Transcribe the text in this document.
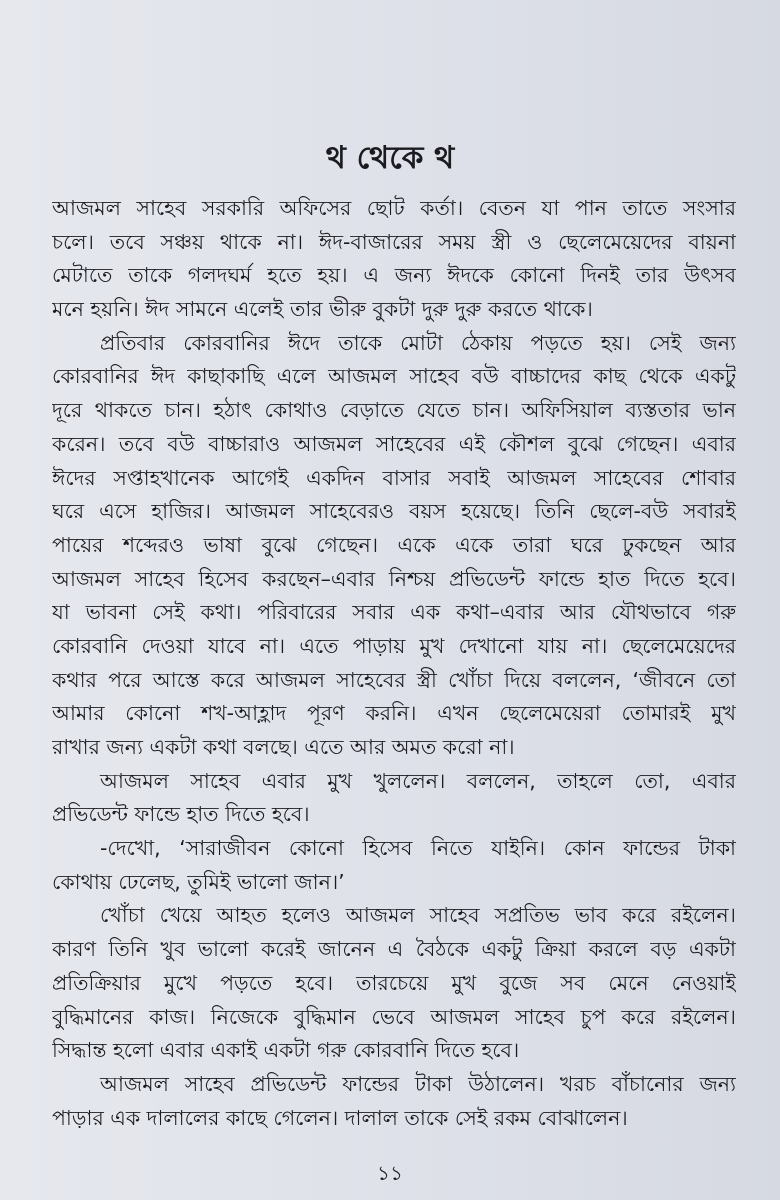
থ থেকে থ

আজমল সাহেব সরকারি অফিসের ছোট কর্তা। বেতন যা পান তাতে সংসার
চলে। তবে সঞ্চয় থাকে না। ঈদ-বাজারের সময় স্ত্রী ও ছেলেমেয়েদের বায়না
মেটাতে তাকে গলদঘর্ম হতে হয়। এ জন্য ঈদকে কোনো দিনই তার উৎসব
মনে হয়নি। ঈদ সামনে এলেই তার ভীরু বুকটা দুরু দুরু করতে থাকে।

প্রতিবার কোরবানির ঈদে তাকে মোটা ঠেকায় পড়তে হয়। সেই জন্য
কোরবানির ঈদ কাছাকাছি এলে আজমল সাহেব বউ বাচ্চাদের কাছ থেকে একটু
দূরে থাকতে চান। হঠাৎ কোথাও বেড়াতে যেতে চান। অফিসিয়াল ব্যস্ততার ভান
করেন। তবে বউ বাচ্চারাও আজমল সাহেবের এই কৌশল বুঝে গেছেন। এবার
ঈদের সপ্তাহখানেক আগেই একদিন বাসার সবাই আজমল সাহেবের শোবার
ঘরে এসে হাজির। আজমল সাহেবেরও বয়স হয়েছে। তিনি ছেলে-বউ সবারই
পায়ের শব্দেরও ভাষা বুঝে গেছেন। একে একে তারা ঘরে ঢুকছেন আর
আজমল সাহেব হিসেব করছেন–এবার নিশ্চয় প্রভিডেন্ট ফান্ডে হাত দিতে হবে।
যা ভাবনা সেই কথা। পরিবারের সবার এক কথা–এবার আর যৌথভাবে গরু
কোরবানি দেওয়া যাবে না। এতে পাড়ায় মুখ দেখানো যায় না। ছেলেমেয়েদের
কথার পরে আস্তে করে আজমল সাহেবের স্ত্রী খোঁচা দিয়ে বললেন, ‘জীবনে তো
আমার কোনো শখ-আহ্লাদ পূরণ করনি। এখন ছেলেমেয়েরা তোমারই মুখ
রাখার জন্য একটা কথা বলছে। এতে আর অমত করো না।

আজমল সাহেব এবার মুখ খুললেন। বললেন, তাহলে তো, এবার
প্রভিডেন্ট ফান্ডে হাত দিতে হবে।

-দেখো, ‘সারাজীবন কোনো হিসেব নিতে যাইনি। কোন ফান্ডের টাকা
কোথায় ঢেলেছ, তুমিই ভালো জান।’

খোঁচা খেয়ে আহত হলেও আজমল সাহেব সপ্রতিভ ভাব করে রইলেন।
কারণ তিনি খুব ভালো করেই জানেন এ বৈঠকে একটু ক্রিয়া করলে বড় একটা
প্রতিক্রিয়ার মুখে পড়তে হবে। তারচেয়ে মুখ বুজে সব মেনে নেওয়াই
বুদ্ধিমানের কাজ। নিজেকে বুদ্ধিমান ভেবে আজমল সাহেব চুপ করে রইলেন।
সিদ্ধান্ত হলো এবার একাই একটা গরু কোরবানি দিতে হবে।

আজমল সাহেব প্রভিডেন্ট ফান্ডের টাকা উঠালেন। খরচ বাঁচানোর জন্য
পাড়ার এক দালালের কাছে গেলেন। দালাল তাকে সেই রকম বোঝালেন।

১১
